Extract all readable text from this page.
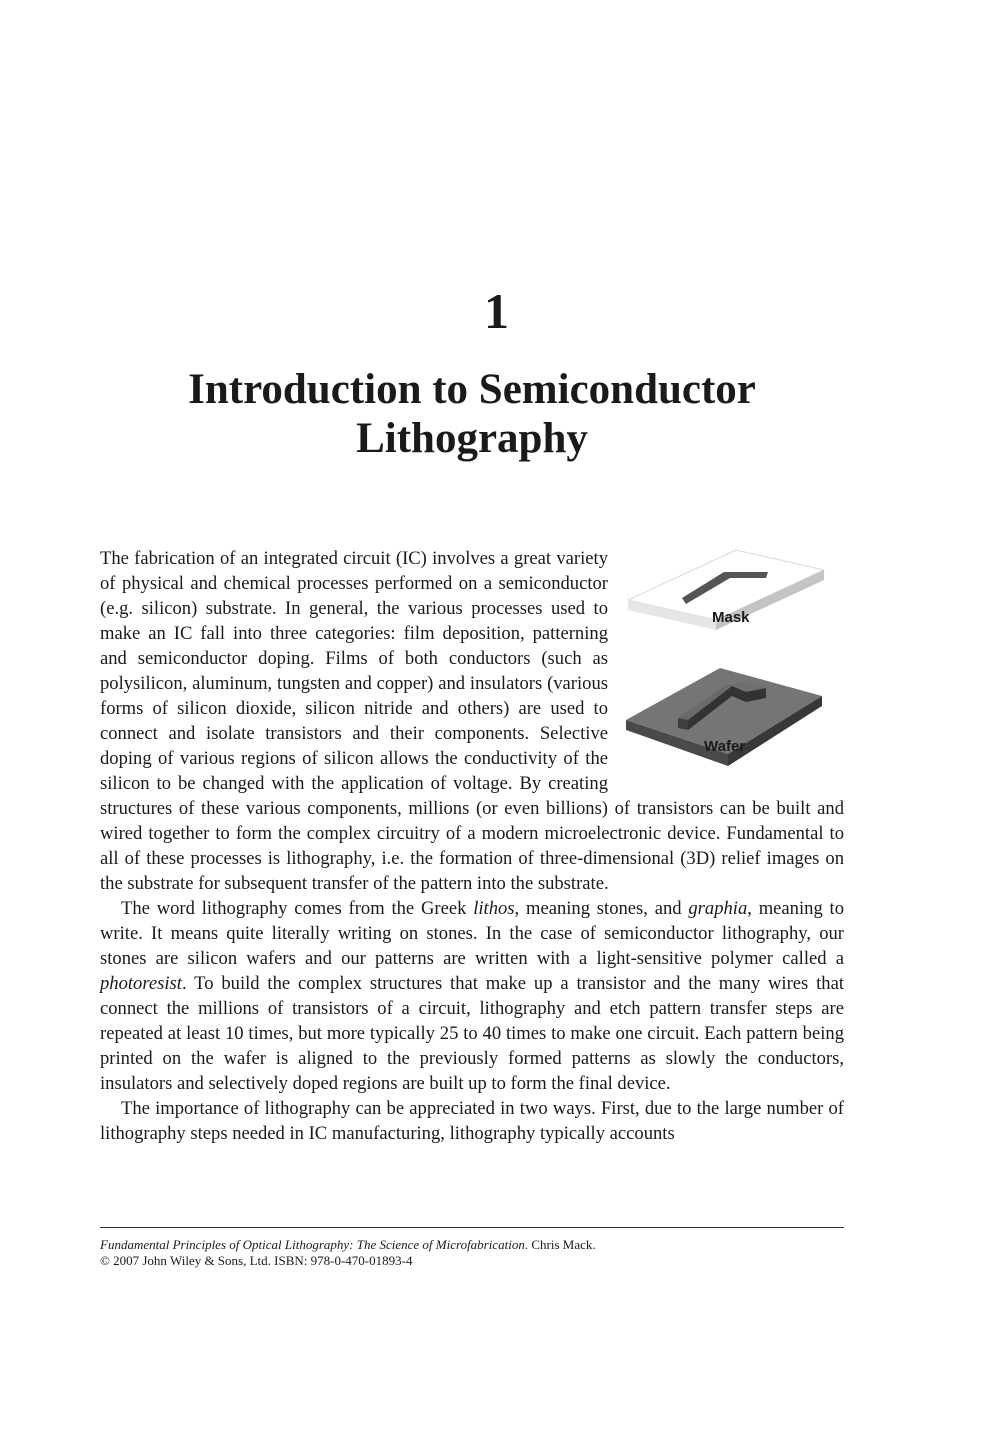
1
Introduction to Semiconductor Lithography
Mask
Wafer

The fabrication of an integrated circuit (IC) involves a great variety of physical and chemical processes performed on a semiconductor (e.g. silicon) substrate. In general, the various processes used to make an IC fall into three categories: film deposition, patterning and semiconductor doping. Films of both conductors (such as polysilicon, aluminum, tungsten and copper) and insulators (various forms of silicon dioxide, silicon nitride and others) are used to connect and isolate transistors and their components. Selective doping of various regions of silicon allows the conductivity of the silicon to be changed with the application of voltage. By creating structures of these various components, millions (or even billions) of transistors can be built and wired together to form the complex circuitry of a modern microelectronic device. Fundamental to all of these processes is lithography, i.e. the formation of three-dimensional (3D) relief images on the substrate for subsequent transfer of the pattern into the substrate.

The word lithography comes from the Greek lithos, meaning stones, and graphia, meaning to write. It means quite literally writing on stones. In the case of semiconductor lithography, our stones are silicon wafers and our patterns are written with a light-sensitive polymer called a photoresist. To build the complex structures that make up a transistor and the many wires that connect the millions of transistors of a circuit, lithography and etch pattern transfer steps are repeated at least 10 times, but more typically 25 to 40 times to make one circuit. Each pattern being printed on the wafer is aligned to the previously formed patterns as slowly the conductors, insulators and selectively doped regions are built up to form the final device.

The importance of lithography can be appreciated in two ways. First, due to the large number of lithography steps needed in IC manufacturing, lithography typically accounts

Fundamental Principles of Optical Lithography: The Science of Microfabrication. Chris Mack.
© 2007 John Wiley & Sons, Ltd. ISBN: 978-0-470-01893-4
